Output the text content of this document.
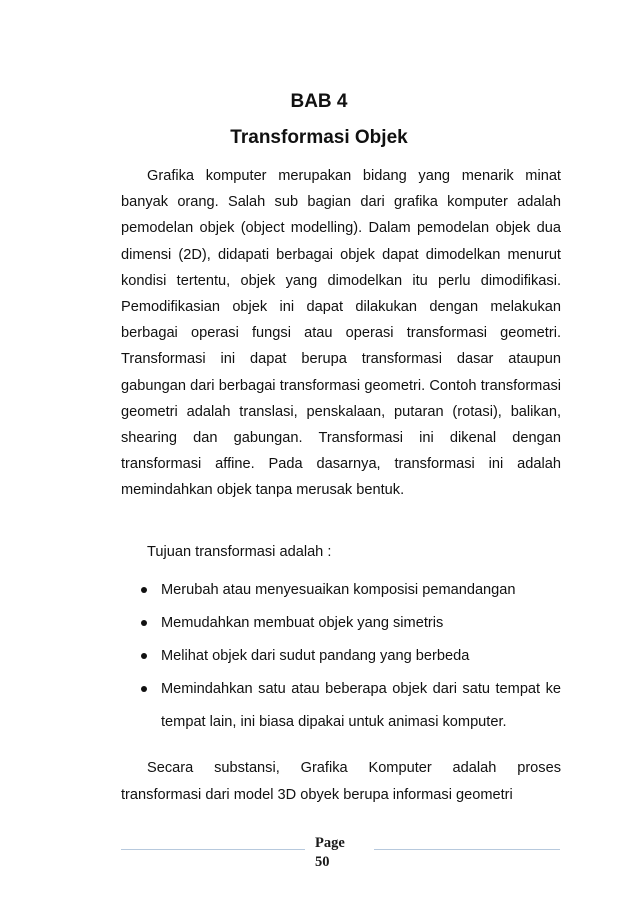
BAB 4
Transformasi Objek

Grafika komputer merupakan bidang yang menarik minat banyak orang. Salah sub bagian dari grafika komputer adalah pemodelan objek (object modelling). Dalam pemodelan objek dua dimensi (2D), didapati berbagai objek dapat dimodelkan menurut kondisi tertentu, objek yang dimodelkan itu perlu dimodifikasi. Pemodifikasian objek ini dapat dilakukan dengan melakukan berbagai operasi fungsi atau operasi transformasi geometri. Transformasi ini dapat berupa transformasi dasar ataupun gabungan dari berbagai transformasi geometri. Contoh transformasi geometri adalah translasi, penskalaan, putaran (rotasi), balikan, shearing dan gabungan. Transformasi ini dikenal dengan transformasi affine. Pada dasarnya, transformasi ini adalah memindahkan objek tanpa merusak bentuk.

Tujuan transformasi adalah :
Merubah atau menyesuaikan komposisi pemandangan
Memudahkan membuat objek yang simetris
Melihat objek dari sudut pandang yang berbeda
Memindahkan satu atau beberapa objek dari satu tempat ke tempat lain, ini biasa dipakai untuk animasi komputer.

Secara substansi, Grafika Komputer adalah proses transformasi dari model 3D obyek berupa informasi geometri

Page
50
